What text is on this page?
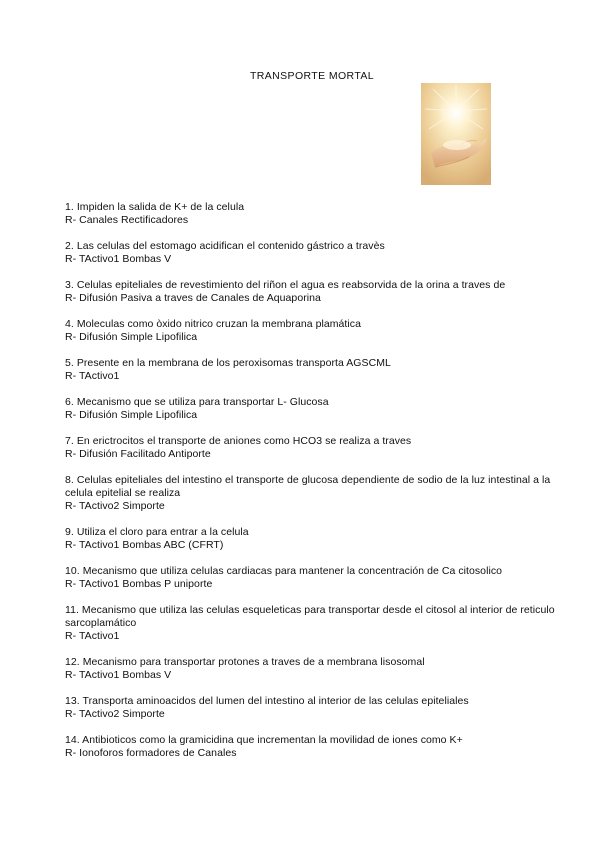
TRANSPORTE MORTAL
1. Impiden la salida de K+ de la celula
R- Canales Rectificadores
2. Las celulas del estomago acidifican el contenido gástrico a travès
R- TActivo1 Bombas V
3. Celulas epiteliales de revestimiento del riñon el agua es reabsorvida de la orina a traves de
R- Difusión Pasiva a traves de Canales de Aquaporina
4. Moleculas como òxido nitrico cruzan la membrana plamática
R- Difusión Simple Lipofilica
5. Presente en la membrana de los peroxisomas transporta AGSCML
R- TActivo1
6. Mecanismo que se utiliza para transportar L- Glucosa
R- Difusión Simple Lipofilica
7. En erictrocitos el transporte de aniones como HCO3 se realiza a traves
R- Difusión Facilitado Antiporte
8. Celulas epiteliales del intestino el transporte de glucosa dependiente de sodio de la luz intestinal a la celula epitelial se realiza
R- TActivo2 Simporte
9. Utiliza el cloro para entrar a la celula
R- TActivo1 Bombas ABC (CFRT)
10. Mecanismo que utiliza celulas cardiacas para mantener la concentración de Ca citosolico
R- TActivo1 Bombas P uniporte
11. Mecanismo que utiliza las celulas esqueleticas para transportar desde el citosol al interior de reticulo sarcoplamático
R- TActivo1
12. Mecanismo para transportar protones a traves de a membrana lisosomal
R- TActivo1 Bombas V
13. Transporta aminoacidos del lumen del intestino al interior de las celulas epiteliales
R- TActivo2 Simporte
14. Antibioticos como la gramicidina que incrementan la movilidad de iones como K+
R- Ionoforos formadores de Canales
